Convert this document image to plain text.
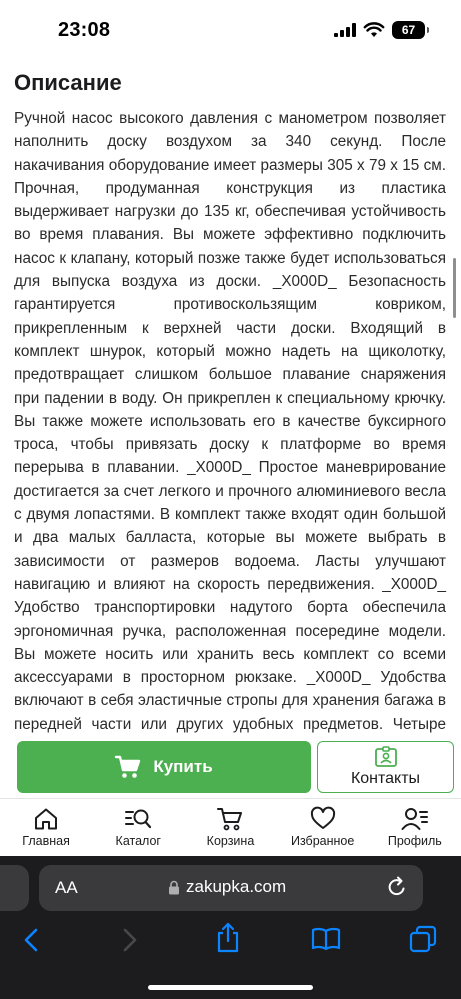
23:08	67
Описание

Ручной насос высокого давления с манометром позволяет наполнить доску воздухом за 340 секунд. После накачивания оборудование имеет размеры 305 x 79 x 15 см. Прочная, продуманная конструкция из пластика выдерживает нагрузки до 135 кг, обеспечивая устойчивость во время плавания. Вы можете эффективно подключить насос к клапану, который позже также будет использоваться для выпуска воздуха из доски. _X000D_ Безопасность гарантируется противоскользящим ковриком, прикрепленным к верхней части доски. Входящий в комплект шнурок, который можно надеть на щиколотку, предотвращает слишком большое плавание снаряжения при падении в воду. Он прикреплен к специальному крючку. Вы также можете использовать его в качестве буксирного троса, чтобы привязать доску к платформе во время перерыва в плавании. _X000D_ Простое маневрирование достигается за счет легкого и прочного алюминиевого весла с двумя лопастями. В комплект также входят один большой и два малых балласта, которые вы можете выбрать в зависимости от размеров водоема. Ласты улучшают навигацию и влияют на скорость передвижения. _X000D_ Удобство транспортировки надутого борта обеспечила эргономичная ручка, расположенная посередине модели. Вы можете носить или хранить весь комплект со всеми аксессуарами в просторном рюкзаке. _X000D_ Удобства включают в себя эластичные стропы для хранения багажа в передней части или других удобных предметов. Четыре

Купить
Контакты
Главная	Каталог	Корзина	Избранное	Профиль
AA	zakupka.com
